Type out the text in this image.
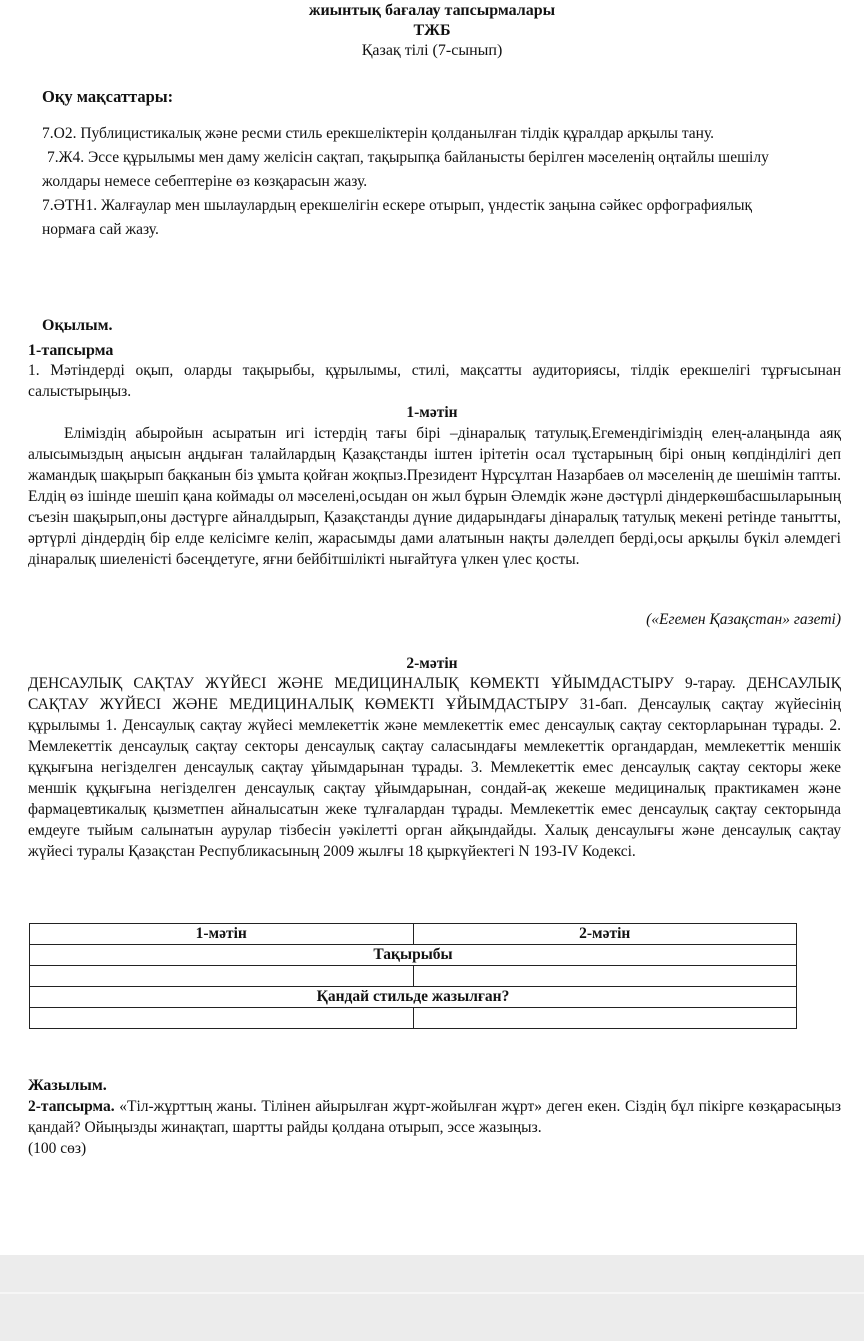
жиынтық бағалау тапсырмалары
ТЖБ
Қазақ тілі (7-сынып)
Оқу мақсаттары:

7.О2. Публицистикалық және ресми стиль ерекшеліктерін қолданылған тілдік құралдар арқылы тану.

7.Ж4. Эссе құрылымы мен даму желісін сақтап, тақырыпқа байланысты берілген мәселенің оңтайлы шешілу жолдары немесе себептеріне өз көзқарасын жазу.

7.ӘТН1. Жалғаулар мен шылаулардың ерекшелігін ескере отырып, үндестік заңына сәйкес орфографиялық нормаға сай жазу.

Оқылым.
1-тапсырма
1. Мәтіндерді оқып, оларды тақырыбы, құрылымы, стилі, мақсатты аудиториясы, тілдік ерекшелігі тұрғысынан салыстырыңыз.
1-мәтін
Еліміздің абыройын асыратын игі істердің тағы бірі –дінаралық татулық.Егемендігіміздің елең-алаңында аяқ алысымыздың аңысын аңдыған талайлардың Қазақстанды іштен ірітетін осал тұстарының бірі оның көпдінділігі деп жамандық шақырып бақканын біз ұмыта қойған жоқпыз.Президент Нұрсұлтан Назарбаев ол мәселенің де шешімін тапты. Елдің өз ішінде шешіп қана коймады ол мәселені,осыдан он жыл бұрын Әлемдік және дәстүрлі діндеркөшбасшыларының съезін шақырып,оны дәстүрге айналдырып, Қазақстанды дүние дидарындағы дінаралық татулық мекені ретінде танытты, әртүрлі діндердің бір елде келісімге келіп, жарасымды дами алатынын нақты дәлелдеп берді,осы арқылы бүкіл әлемдегі дінаралық шиеленісті бәсеңдетуге, яғни бейбітшілікті нығайтуға үлкен үлес қосты.
(«Егемен Қазақстан» газеті)
2-мәтін
ДЕНСАУЛЫҚ САҚТАУ ЖҮЙЕСІ ЖӘНЕ МЕДИЦИНАЛЫҚ КӨМЕКТІ ҰЙЫМДАСТЫРУ 9-тарау. ДЕНСАУЛЫҚ САҚТАУ ЖҮЙЕСІ ЖӘНЕ МЕДИЦИНАЛЫҚ КӨМЕКТІ ҰЙЫМДАСТЫРУ 31-бап. Денсаулық сақтау жүйесінің құрылымы 1. Денсаулық сақтау жүйесі мемлекеттік және мемлекеттік емес денсаулық сақтау секторларынан тұрады. 2. Мемлекеттік денсаулық сақтау секторы денсаулық сақтау саласындағы мемлекеттік органдардан, мемлекеттік меншік құқығына негізделген денсаулық сақтау ұйымдарынан тұрады. 3. Мемлекеттік емес денсаулық сақтау секторы жеке меншік құқығына негізделген денсаулық сақтау ұйымдарынан, сондай-ақ жекеше медициналық практикамен және фармацевтикалық қызметпен айналысатын жеке тұлғалардан тұрады. Мемлекеттік емес денсаулық сақтау секторында емдеуге тыйым салынатын аурулар тізбесін уәкілетті орган айқындайды. Халық денсаулығы және денсаулық сақтау жүйесі туралы Қазақстан Республикасының 2009 жылғы 18 қыркүйектегі N 193-IV Кодексі.
1-мәтін	2-мәтін
Тақырыбы	

Қандай стильде жазылған?	

Жазылым.
2-тапсырма. «Тіл-жұрттың жаны. Тілінен айырылған жұрт-жойылған жұрт» деген екен. Сіздің бұл пікірге көзқарасыңыз қандай? Ойыңызды жинақтап, шартты райды қолдана отырып, эссе жазыңыз.
(100 сөз)
